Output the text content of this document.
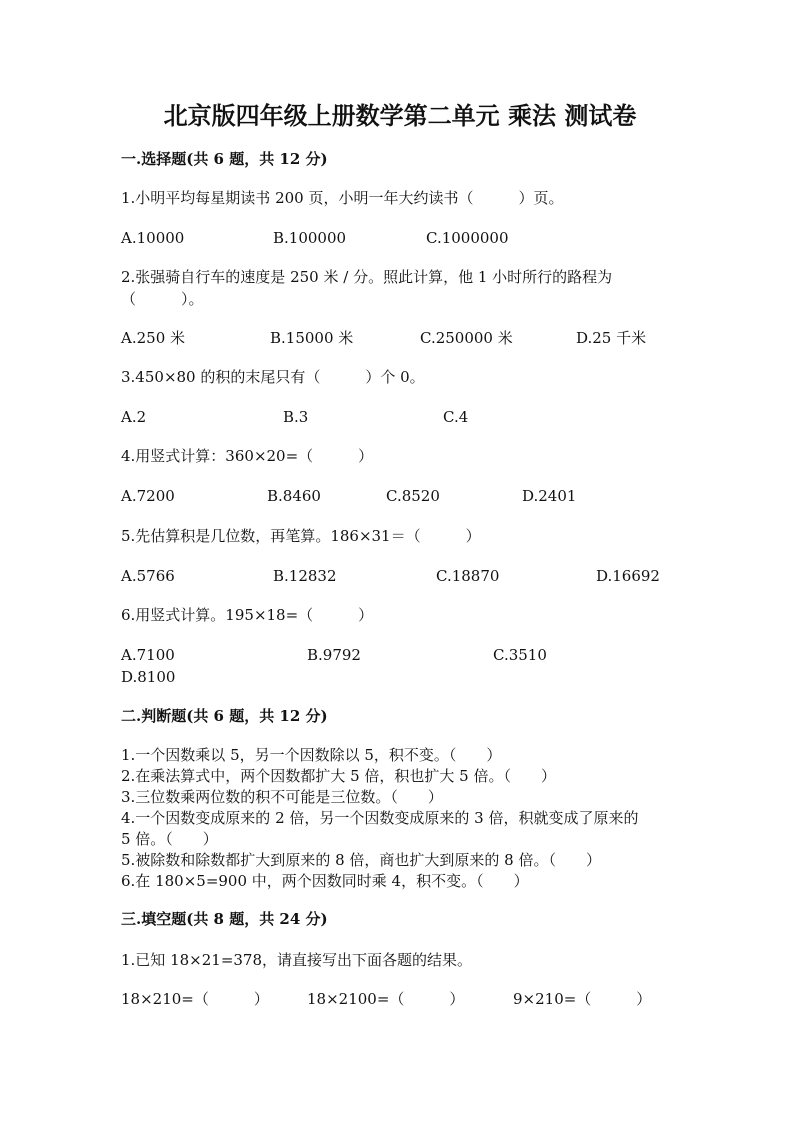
北京版四年级上册数学第二单元 乘法 测试卷
一.选择题(共 6 题，共 12 分)
1.小明平均每星期读书 200 页，小明一年大约读书（　　　）页。
A.10000	B.100000	C.1000000
2.张强骑自行车的速度是 250 米 / 分。照此计算，他 1 小时所行的路程为
（　　　）。
A.250 米	B.15000 米	C.250000 米	D.25 千米
3.450×80 的积的末尾只有（　　　）个 0。
A.2	B.3	C.4
4.用竖式计算：360×20=（　　　）
A.7200	B.8460	C.8520	D.2401
5.先估算积是几位数，再笔算。186×31＝（　　　）
A.5766	B.12832	C.18870	D.16692
6.用竖式计算。195×18=（　　　）
A.7100	B.9792	C.3510
D.8100
二.判断题(共 6 题，共 12 分)
1.一个因数乘以 5，另一个因数除以 5，积不变。（　　）
2.在乘法算式中，两个因数都扩大 5 倍，积也扩大 5 倍。（　　）
3.三位数乘两位数的积不可能是三位数。（　　）
4.一个因数变成原来的 2 倍，另一个因数变成原来的 3 倍，积就变成了原来的
5 倍。（　　）
5.被除数和除数都扩大到原来的 8 倍，商也扩大到原来的 8 倍。（　　）
6.在 180×5=900 中，两个因数同时乘 4，积不变。（　　）
三.填空题(共 8 题，共 24 分)
1.已知 18×21=378，请直接写出下面各题的结果。
18×210=（　　　）	18×2100=（　　　）	9×210=（　　　）
